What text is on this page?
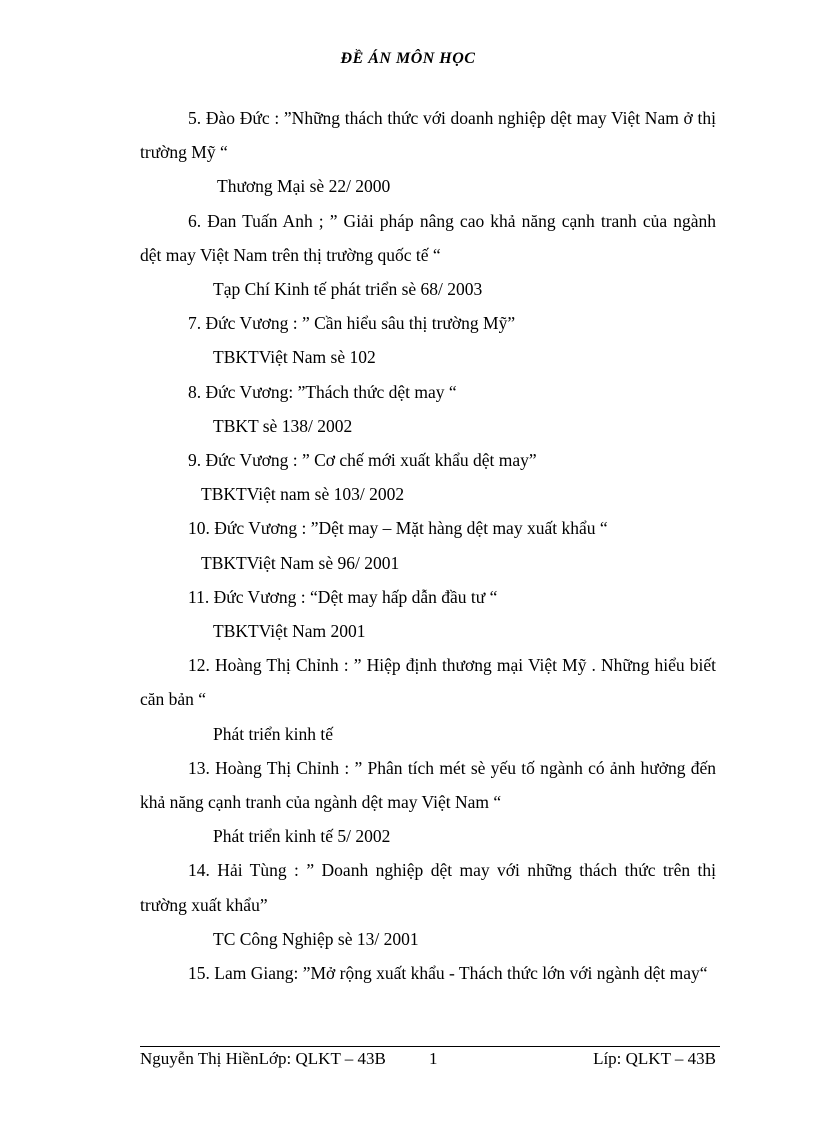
ĐỀ ÁN MÔN HỌC
5. Đào Đức : ”Những thách thức với doanh nghiệp dệt may Việt Nam ở thị trường Mỹ “
Thương Mại sè 22/ 2000
6. Đan Tuấn Anh ; ” Giải pháp nâng cao khả năng cạnh tranh của ngành dệt may Việt Nam trên thị trường quốc tế “
Tạp Chí Kinh tế phát triển sè 68/ 2003
7. Đức Vương : ” Cần hiểu sâu thị trường Mỹ”
TBKTViệt Nam sè 102
8. Đức Vương: ”Thách thức dệt may “
TBKT sè 138/ 2002
9. Đức Vương : ” Cơ chế mới xuất khẩu dệt may”
TBKTViệt nam sè 103/ 2002
10. Đức Vương : ”Dệt may – Mặt hàng dệt may xuất khẩu “
TBKTViệt Nam sè 96/ 2001
11. Đức Vương : “Dệt may hấp dẫn đầu tư “
TBKTViệt Nam 2001
12. Hoàng Thị Chỉnh : ” Hiệp định thương mại Việt Mỹ . Những hiểu biết căn bản “
Phát triển kinh tế
13. Hoàng Thị Chỉnh : ” Phân tích mét sè yếu tố ngành có ảnh hưởng đến khả năng cạnh tranh của ngành dệt may Việt Nam “
Phát triển kinh tế 5/ 2002
14. Hải Tùng : ” Doanh nghiệp dệt may với những thách thức trên thị trường xuất khẩu”
TC Công Nghiệp sè 13/ 2001
15. Lam Giang: ”Mở rộng xuất khẩu - Thách thức lớn với ngành dệt may“
Nguyễn Thị HiềnLớp: QLKT – 43B	1	Líp: QLKT – 43B
